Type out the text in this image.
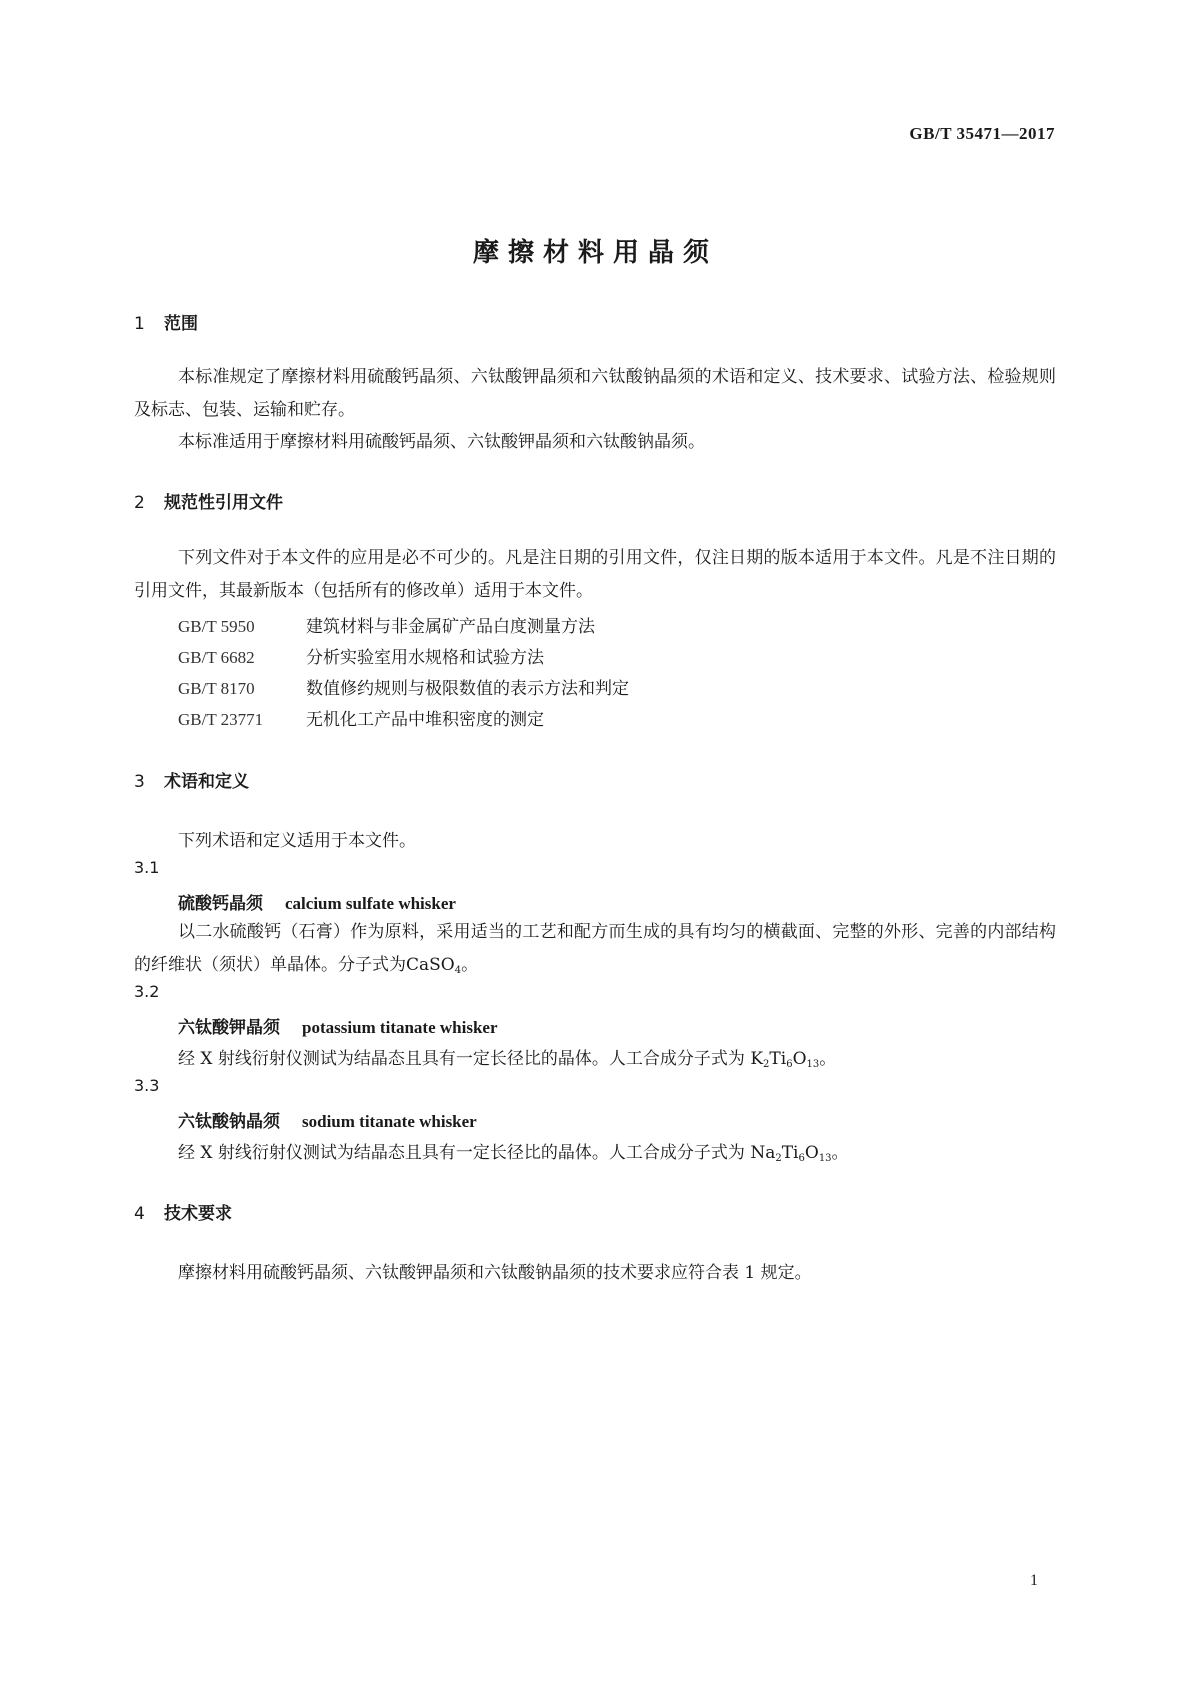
GB/T 35471—2017
摩擦材料用晶须
1 范围
本标准规定了摩擦材料用硫酸钙晶须、六钛酸钾晶须和六钛酸钠晶须的术语和定义、技术要求、试验方法、检验规则及标志、包装、运输和贮存。
本标准适用于摩擦材料用硫酸钙晶须、六钛酸钾晶须和六钛酸钠晶须。
2 规范性引用文件
下列文件对于本文件的应用是必不可少的。凡是注日期的引用文件，仅注日期的版本适用于本文件。凡是不注日期的引用文件，其最新版本（包括所有的修改单）适用于本文件。
GB/T 5950	建筑材料与非金属矿产品白度测量方法
GB/T 6682	分析实验室用水规格和试验方法
GB/T 8170	数值修约规则与极限数值的表示方法和判定
GB/T 23771	无机化工产品中堆积密度的测定
3 术语和定义
下列术语和定义适用于本文件。
3.1
硫酸钙晶须 calcium sulfate whisker
以二水硫酸钙（石膏）作为原料，采用适当的工艺和配方而生成的具有均匀的横截面、完整的外形、完善的内部结构的纤维状（须状）单晶体。分子式为CaSO$_4$。
3.2
六钛酸钾晶须 potassium titanate whisker
经 X 射线衍射仪测试为结晶态且具有一定长径比的晶体。人工合成分子式为 $K_2Ti_6O_{13}$。
3.3
六钛酸钠晶须 sodium titanate whisker
经 X 射线衍射仪测试为结晶态且具有一定长径比的晶体。人工合成分子式为 $Na_2Ti_6O_{13}$。
4 技术要求
摩擦材料用硫酸钙晶须、六钛酸钾晶须和六钛酸钠晶须的技术要求应符合表 1 规定。
1
